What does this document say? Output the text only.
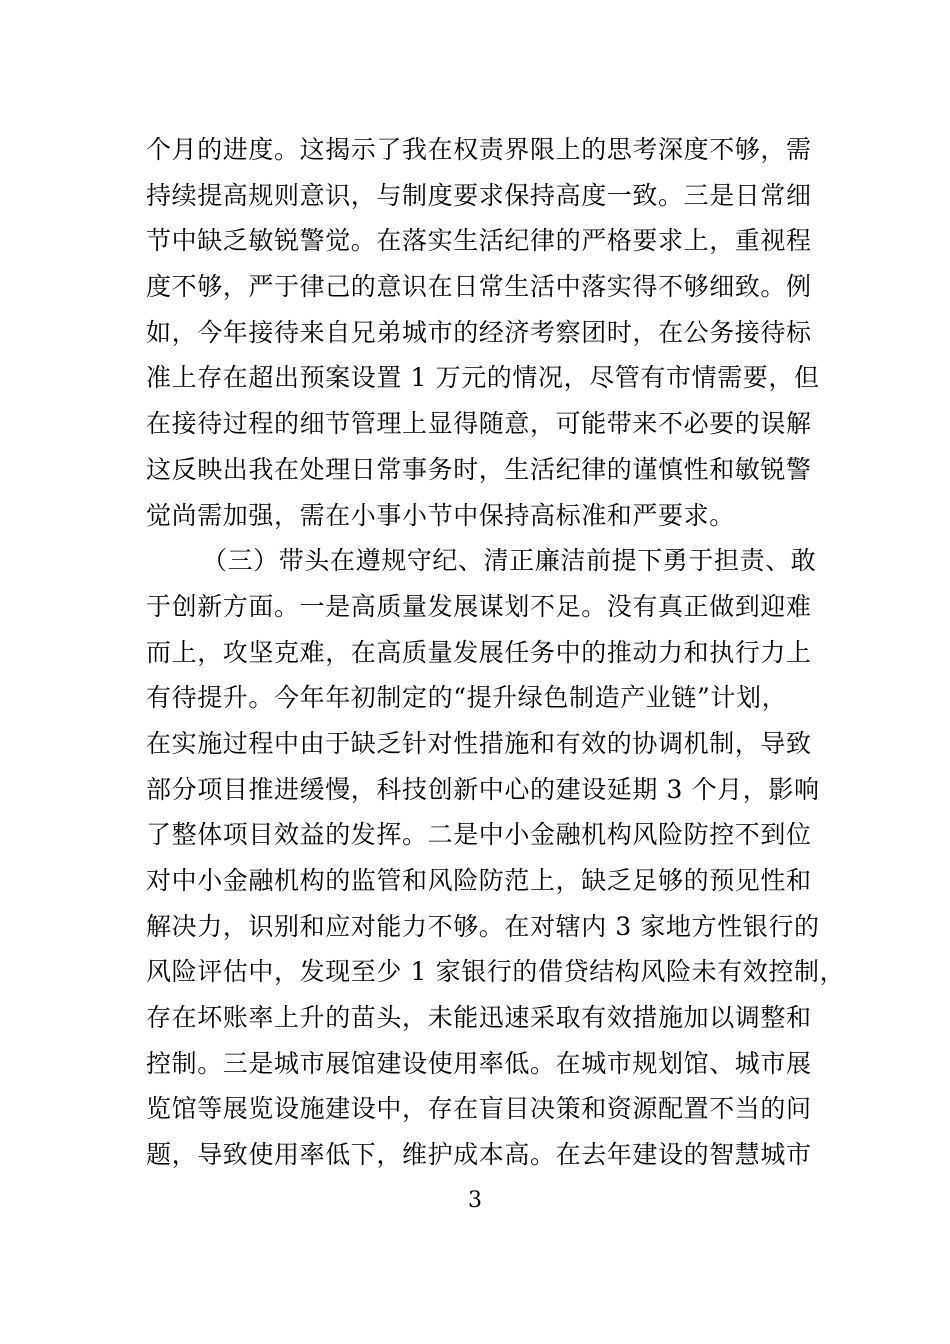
个月的进度。这揭示了我在权责界限上的思考深度不够，需
持续提高规则意识，与制度要求保持高度一致。三是日常细
节中缺乏敏锐警觉。在落实生活纪律的严格要求上，重视程
度不够，严于律己的意识在日常生活中落实得不够细致。例
如，今年接待来自兄弟城市的经济考察团时，在公务接待标
准上存在超出预案设置 1 万元的情况，尽管有市情需要，但
在接待过程的细节管理上显得随意，可能带来不必要的误解
这反映出我在处理日常事务时，生活纪律的谨慎性和敏锐警
觉尚需加强，需在小事小节中保持高标准和严要求。
（三）带头在遵规守纪、清正廉洁前提下勇于担责、敢
于创新方面。一是高质量发展谋划不足。没有真正做到迎难
而上，攻坚克难，在高质量发展任务中的推动力和执行力上
有待提升。今年年初制定的“提升绿色制造产业链”计划，
在实施过程中由于缺乏针对性措施和有效的协调机制，导致
部分项目推进缓慢，科技创新中心的建设延期 3 个月，影响
了整体项目效益的发挥。二是中小金融机构风险防控不到位
对中小金融机构的监管和风险防范上，缺乏足够的预见性和
解决力，识别和应对能力不够。在对辖内 3 家地方性银行的
风险评估中，发现至少 1 家银行的借贷结构风险未有效控制，
存在坏账率上升的苗头，未能迅速采取有效措施加以调整和
控制。三是城市展馆建设使用率低。在城市规划馆、城市展
览馆等展览设施建设中，存在盲目决策和资源配置不当的问
题，导致使用率低下，维护成本高。在去年建设的智慧城市
3
